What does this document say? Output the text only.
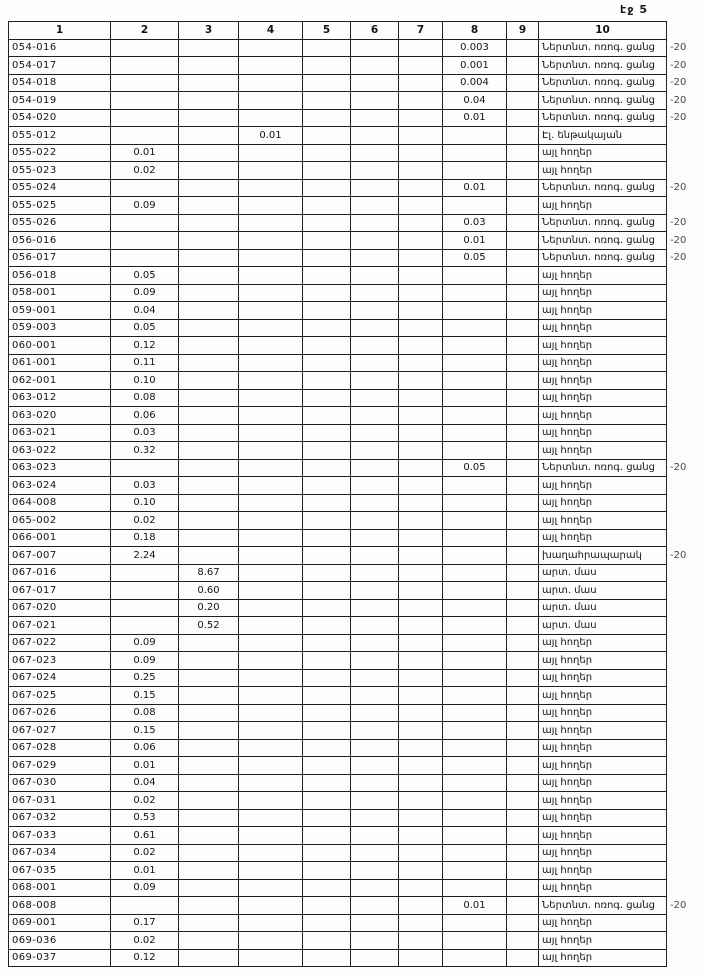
էջ 5
1	2	3	4	5	6	7	8	9	10	
054-016							0.003		Ներտնտ. ոռոգ. ցանց	-20
054-017							0.001		Ներտնտ. ոռոգ. ցանց	-20
054-018							0.004		Ներտնտ. ոռոգ. ցանց	-20
054-019							0.04		Ներտնտ. ոռոգ. ցանց	-20
054-020							0.01		Ներտնտ. ոռոգ. ցանց	-20
055-012			0.01						Էլ. ենթակայան	
055-022	0.01								այլ հողեր	
055-023	0.02								այլ հողեր	
055-024							0.01		Ներտնտ. ոռոգ. ցանց	-20
055-025	0.09								այլ հողեր	
055-026							0.03		Ներտնտ. ոռոգ. ցանց	-20
056-016							0.01		Ներտնտ. ոռոգ. ցանց	-20
056-017							0.05		Ներտնտ. ոռոգ. ցանց	-20
056-018	0.05								այլ հողեր	
058-001	0.09								այլ հողեր	
059-001	0.04								այլ հողեր	
059-003	0.05								այլ հողեր	
060-001	0.12								այլ հողեր	
061-001	0.11								այլ հողեր	
062-001	0.10								այլ հողեր	
063-012	0.08								այլ հողեր	
063-020	0.06								այլ հողեր	
063-021	0.03								այլ հողեր	
063-022	0.32								այլ հողեր	
063-023							0.05		Ներտնտ. ոռոգ. ցանց	-20
063-024	0.03								այլ հողեր	
064-008	0.10								այլ հողեր	
065-002	0.02								այլ հողեր	
066-001	0.18								այլ հողեր	
067-007	2.24								խաղահրապարակ	-20
067-016		8.67							արտ. մաս	
067-017		0.60							արտ. մաս	
067-020		0.20							արտ. մաս	
067-021		0.52							արտ. մաս	
067-022	0.09								այլ հողեր	
067-023	0.09								այլ հողեր	
067-024	0.25								այլ հողեր	
067-025	0.15								այլ հողեր	
067-026	0.08								այլ հողեր	
067-027	0.15								այլ հողեր	
067-028	0.06								այլ հողեր	
067-029	0.01								այլ հողեր	
067-030	0.04								այլ հողեր	
067-031	0.02								այլ հողեր	
067-032	0.53								այլ հողեր	
067-033	0.61								այլ հողեր	
067-034	0.02								այլ հողեր	
067-035	0.01								այլ հողեր	
068-001	0.09								այլ հողեր	
068-008							0.01		Ներտնտ. ոռոգ. ցանց	-20
069-001	0.17								այլ հողեր	
069-036	0.02								այլ հողեր	
069-037	0.12								այլ հողեր	
